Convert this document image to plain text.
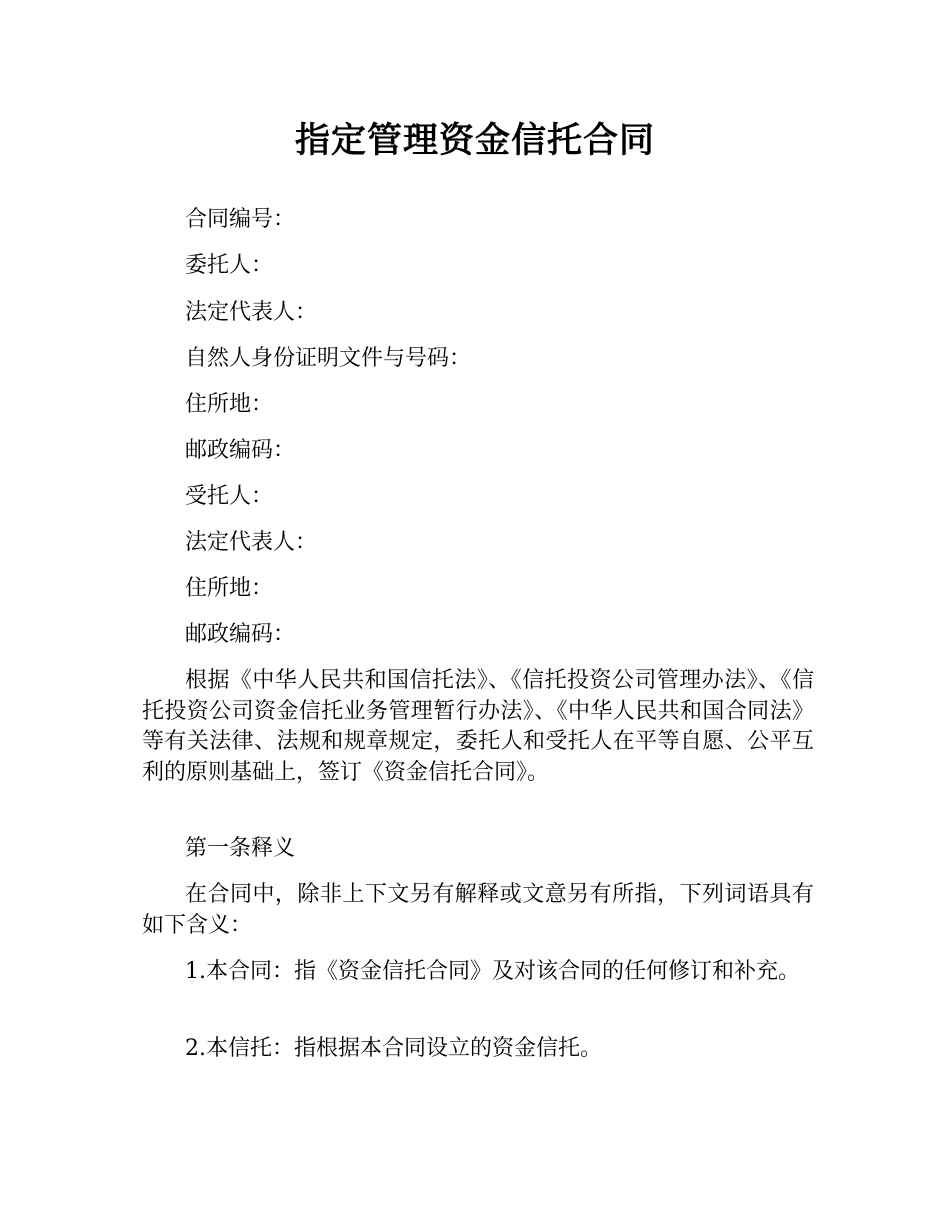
指定管理资金信托合同

合同编号：

委托人：

法定代表人：

自然人身份证明文件与号码：

住所地：

邮政编码：

受托人：

法定代表人：

住所地：

邮政编码：

根据《中华人民共和国信托法》、《信托投资公司管理办法》、《信托投资公司资金信托业务管理暂行办法》、《中华人民共和国合同法》等有关法律、法规和规章规定，委托人和受托人在平等自愿、公平互利的原则基础上，签订《资金信托合同》。

第一条释义

在合同中，除非上下文另有解释或文意另有所指，下列词语具有如下含义：

1.本合同：指《资金信托合同》及对该合同的任何修订和补充。

2.本信托：指根据本合同设立的资金信托。
